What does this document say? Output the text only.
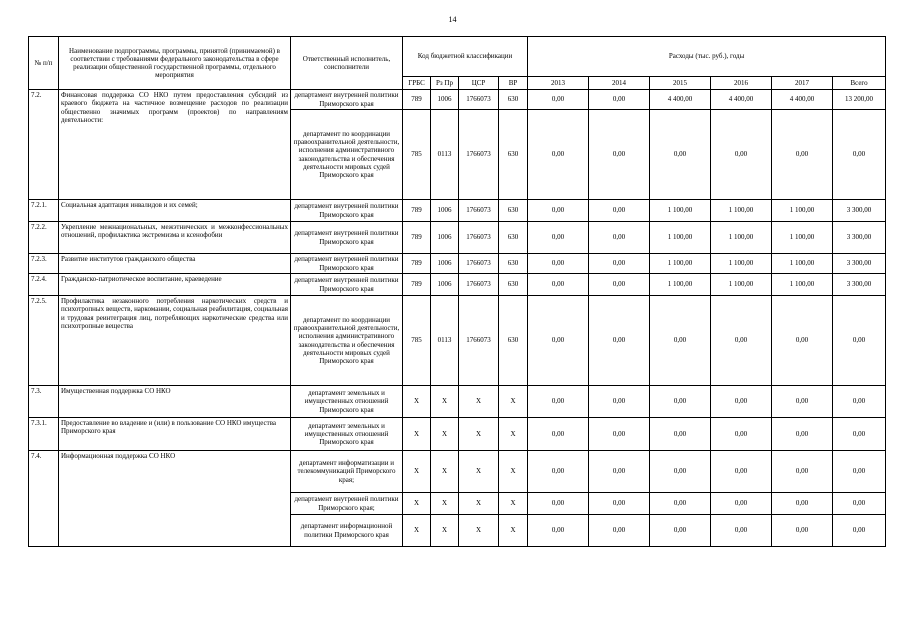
14
№ п/п	Наименование подпрограммы, программы, принятой (принимаемой) в соответствии с требованиями федерального законодательства в сфере реализации общественной государственной программы, отдельного мероприятия	Ответственный исполнитель, соисполнители	Код бюджетной классификации				Расходы (тыс. руб.), годы					
			ГРБС	Рз Пр	ЦСР	ВР	2013	2014	2015	2016	2017	Всего
7.2.	Финансовая поддержка СО НКО путем предоставления субсидий из краевого бюджета на частичное возмещение расходов по реализации общественно значимых программ (проектов) по направлениям деятельности:	департамент внутренней политики Приморского края	789	1006	1766073	630	0,00	0,00	4 400,00	4 400,00	4 400,00	13 200,00
		департамент по координации правоохранительной деятельности, исполнения административного законодательства и обеспечения деятельности мировых судей Приморского края	785	0113	1766073	630	0,00	0,00	0,00	0,00	0,00	0,00
7.2.1.	Социальная адаптация инвалидов и их семей;	департамент внутренней политики Приморского края	789	1006	1766073	630	0,00	0,00	1 100,00	1 100,00	1 100,00	3 300,00
7.2.2.	Укрепление межнациональных, межэтнических и межконфессиональных отношений, профилактика экстремизма и ксенофобии	департамент внутренней политики Приморского края	789	1006	1766073	630	0,00	0,00	1 100,00	1 100,00	1 100,00	3 300,00
7.2.3.	Развитие институтов гражданского общества	департамент внутренней политики Приморского края	789	1006	1766073	630	0,00	0,00	1 100,00	1 100,00	1 100,00	3 300,00
7.2.4.	Гражданско-патриотическое воспитание, краеведение	департамент внутренней политики Приморского края	789	1006	1766073	630	0,00	0,00	1 100,00	1 100,00	1 100,00	3 300,00
7.2.5.	Профилактика незаконного потребления наркотических средств и психотропных веществ, наркомании, социальная реабилитация, социальная и трудовая реинтеграция лиц, потребляющих наркотические средства или психотропные вещества	департамент по координации правоохранительной деятельности, исполнения административного законодательства и обеспечения деятельности мировых судей Приморского края	785	0113	1766073	630	0,00	0,00	0,00	0,00	0,00	0,00
7.3.	Имущественная поддержка СО НКО	департамент земельных и имущественных отношений Приморского края	Х	Х	Х	Х	0,00	0,00	0,00	0,00	0,00	0,00
7.3.1.	Предоставление во владение и (или) в пользование СО НКО имущества Приморского края	департамент земельных и имущественных отношений Приморского края	Х	Х	Х	Х	0,00	0,00	0,00	0,00	0,00	0,00
7.4.	Информационная поддержка СО НКО	департамент информатизации и телекоммуникаций Приморского края;	Х	Х	Х	Х	0,00	0,00	0,00	0,00	0,00	0,00
		департамент внутренней политики Приморского края;	Х	Х	Х	Х	0,00	0,00	0,00	0,00	0,00	0,00
		департамент информационной политики Приморского края	Х	Х	Х	Х	0,00	0,00	0,00	0,00	0,00	0,00
